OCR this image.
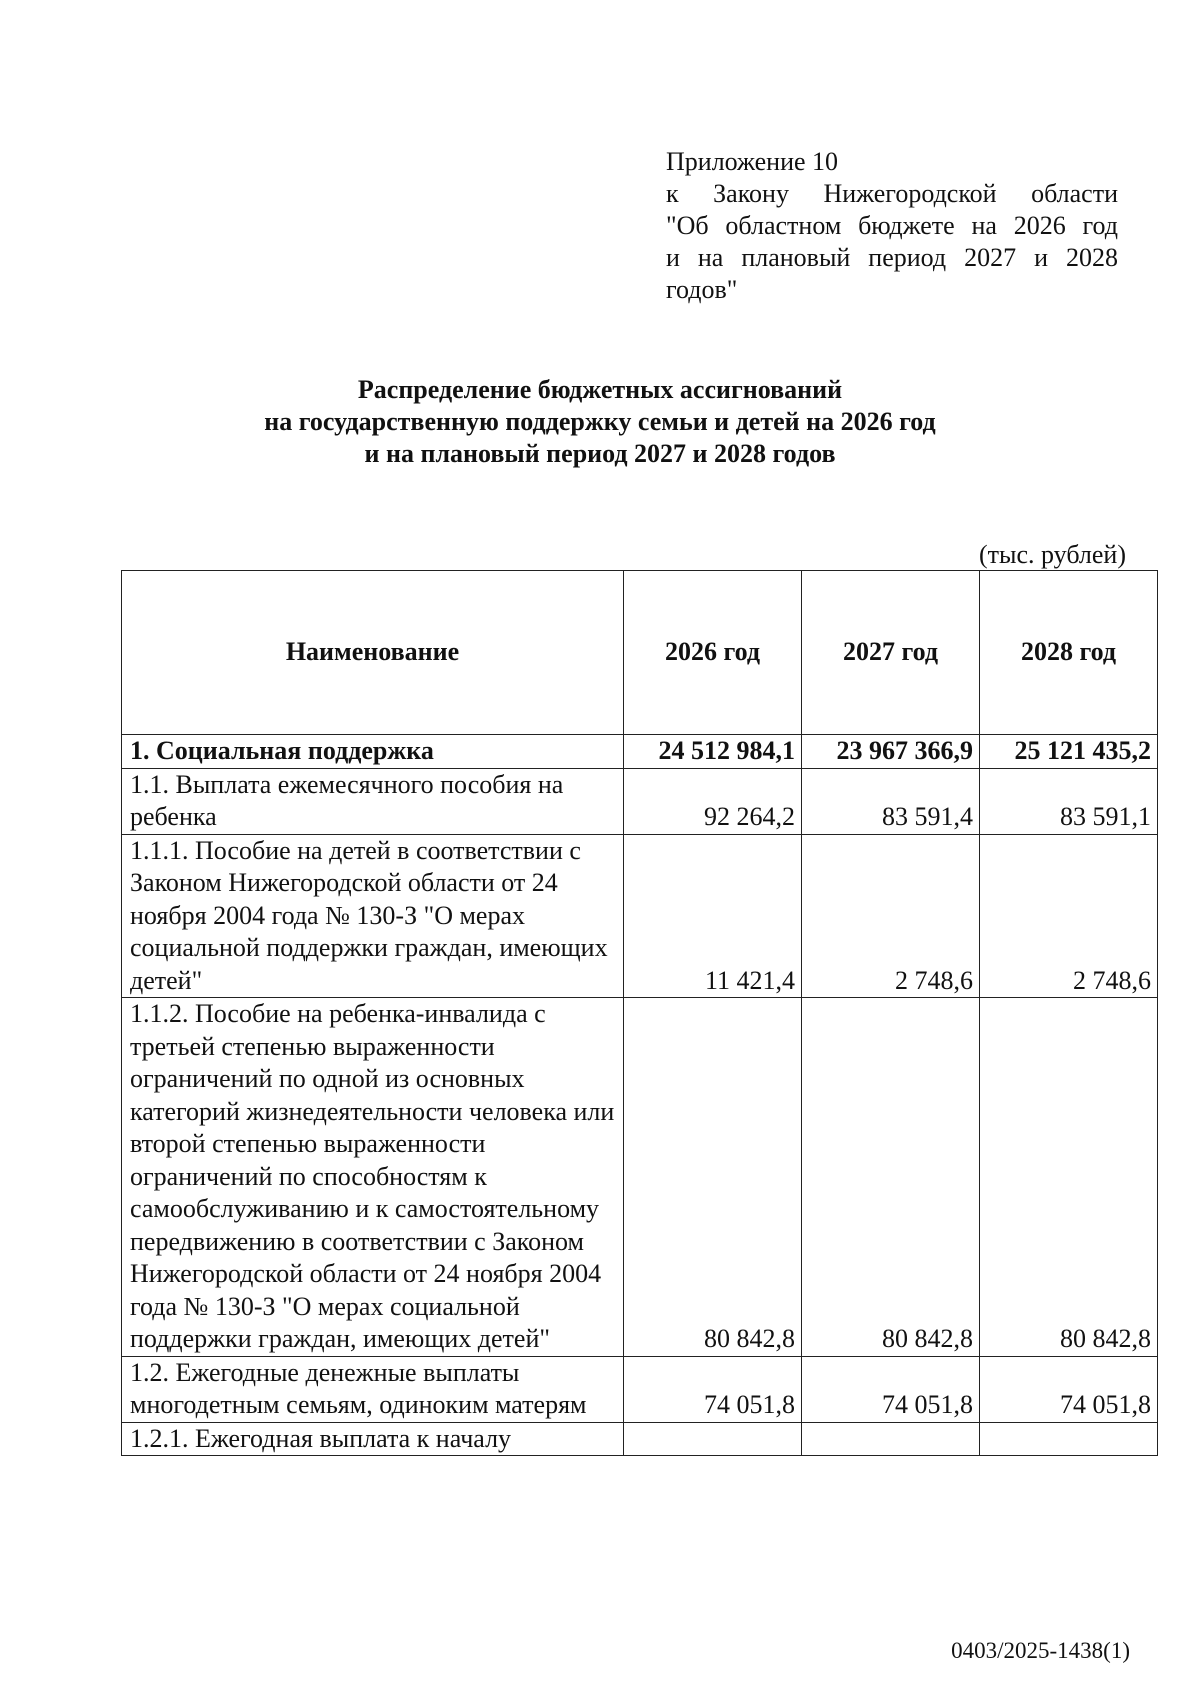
Приложение 10
к Закону Нижегородской области
"Об областном бюджете на 2026 год
и на плановый период 2027 и 2028
годов"
Распределение бюджетных ассигнований
на государственную поддержку семьи и детей на 2026 год
и на плановый период 2027 и 2028 годов
(тыс. рублей)
Наименование	2026 год	2027 год	2028 год
1. Социальная поддержка	24 512 984,1	23 967 366,9	25 121 435,2
1.1. Выплата ежемесячного пособия на ребенка	92 264,2	83 591,4	83 591,1
1.1.1. Пособие на детей в соответствии с Законом Нижегородской области от 24 ноября 2004 года № 130-З "О мерах социальной поддержки граждан, имеющих детей"	11 421,4	2 748,6	2 748,6
1.1.2. Пособие на ребенка-инвалида с третьей степенью выраженности ограничений по одной из основных категорий жизнедеятельности человека или второй степенью выраженности ограничений по способностям к самообслуживанию и к самостоятельному передвижению в соответствии с Законом Нижегородской области от 24 ноября 2004 года № 130-З "О мерах социальной поддержки граждан, имеющих детей"	80 842,8	80 842,8	80 842,8
1.2. Ежегодные денежные выплаты многодетным семьям, одиноким матерям	74 051,8	74 051,8	74 051,8
1.2.1. Ежегодная выплата к началу			
0403/2025-1438(1)
